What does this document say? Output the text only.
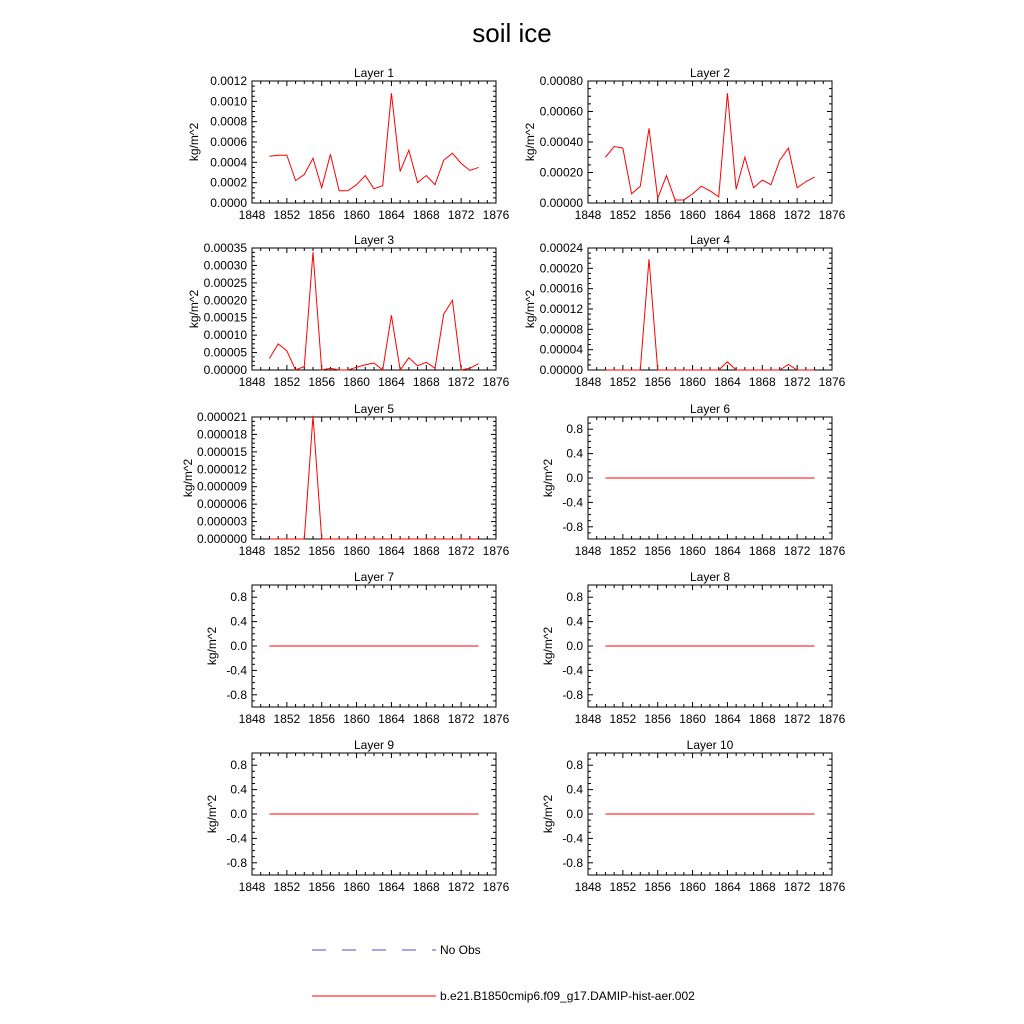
soil ice
Layer 1
1848 1852 1856 1860 1864 1868 1872 1876
0.0000
0.0002
0.0004
0.0006
0.0008
0.0010
0.0012
kg/m^2
Layer 2
1848 1852 1856 1860 1864 1868 1872 1876
0.00000
0.00020
0.00040
0.00060
0.00080
kg/m^2
Layer 3
1848 1852 1856 1860 1864 1868 1872 1876
0.00000
0.00005
0.00010
0.00015
0.00020
0.00025
0.00030
0.00035
kg/m^2
Layer 4
1848 1852 1856 1860 1864 1868 1872 1876
0.00000
0.00004
0.00008
0.00012
0.00016
0.00020
0.00024
kg/m^2
Layer 5
1848 1852 1856 1860 1864 1868 1872 1876
0.000000
0.000003
0.000006
0.000009
0.000012
0.000015
0.000018
0.000021
kg/m^2
Layer 6
1848 1852 1856 1860 1864 1868 1872 1876
-0.8
-0.4
0.0
0.4
0.8
kg/m^2
Layer 7
1848 1852 1856 1860 1864 1868 1872 1876
-0.8
-0.4
0.0
0.4
0.8
kg/m^2
Layer 8
1848 1852 1856 1860 1864 1868 1872 1876
-0.8
-0.4
0.0
0.4
0.8
kg/m^2
Layer 9
1848 1852 1856 1860 1864 1868 1872 1876
-0.8
-0.4
0.0
0.4
0.8
kg/m^2
Layer 10
1848 1852 1856 1860 1864 1868 1872 1876
-0.8
-0.4
0.0
0.4
0.8
kg/m^2
No Obs
b.e21.B1850cmip6.f09_g17.DAMIP-hist-aer.002
